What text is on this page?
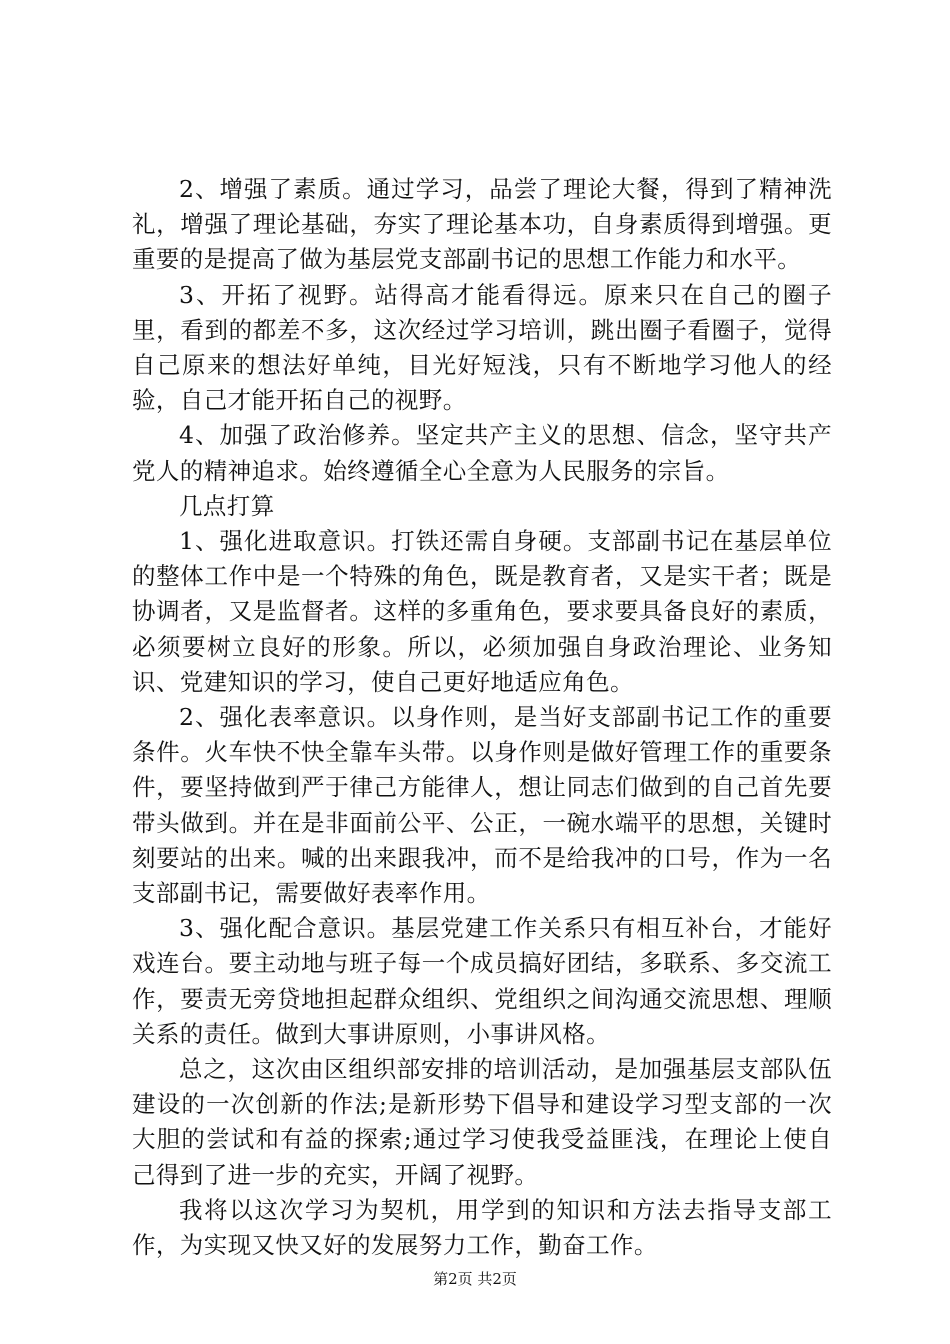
2、增强了素质。通过学习，品尝了理论大餐，得到了精神洗礼，增强了理论基础，夯实了理论基本功，自身素质得到增强。更重要的是提高了做为基层党支部副书记的思想工作能力和水平。

3、开拓了视野。站得高才能看得远。原来只在自己的圈子里，看到的都差不多，这次经过学习培训，跳出圈子看圈子，觉得自己原来的想法好单纯，目光好短浅，只有不断地学习他人的经验，自己才能开拓自己的视野。

4、加强了政治修养。坚定共产主义的思想、信念，坚守共产党人的精神追求。始终遵循全心全意为人民服务的宗旨。

几点打算

1、强化进取意识。打铁还需自身硬。支部副书记在基层单位的整体工作中是一个特殊的角色，既是教育者，又是实干者；既是协调者，又是监督者。这样的多重角色，要求要具备良好的素质，必须要树立良好的形象。所以，必须加强自身政治理论、业务知识、党建知识的学习，使自己更好地适应角色。

2、强化表率意识。以身作则，是当好支部副书记工作的重要条件。火车快不快全靠车头带。以身作则是做好管理工作的重要条件，要坚持做到严于律己方能律人，想让同志们做到的自己首先要带头做到。并在是非面前公平、公正，一碗水端平的思想，关键时刻要站的出来。喊的出来跟我冲，而不是给我冲的口号，作为一名支部副书记，需要做好表率作用。

3、强化配合意识。基层党建工作关系只有相互补台，才能好戏连台。要主动地与班子每一个成员搞好团结，多联系、多交流工作，要责无旁贷地担起群众组织、党组织之间沟通交流思想、理顺关系的责任。做到大事讲原则，小事讲风格。

总之，这次由区组织部安排的培训活动，是加强基层支部队伍建设的一次创新的作法;是新形势下倡导和建设学习型支部的一次大胆的尝试和有益的探索;通过学习使我受益匪浅，在理论上使自己得到了进一步的充实，开阔了视野。

我将以这次学习为契机，用学到的知识和方法去指导支部工作，为实现又快又好的发展努力工作，勤奋工作。

第2页 共2页
